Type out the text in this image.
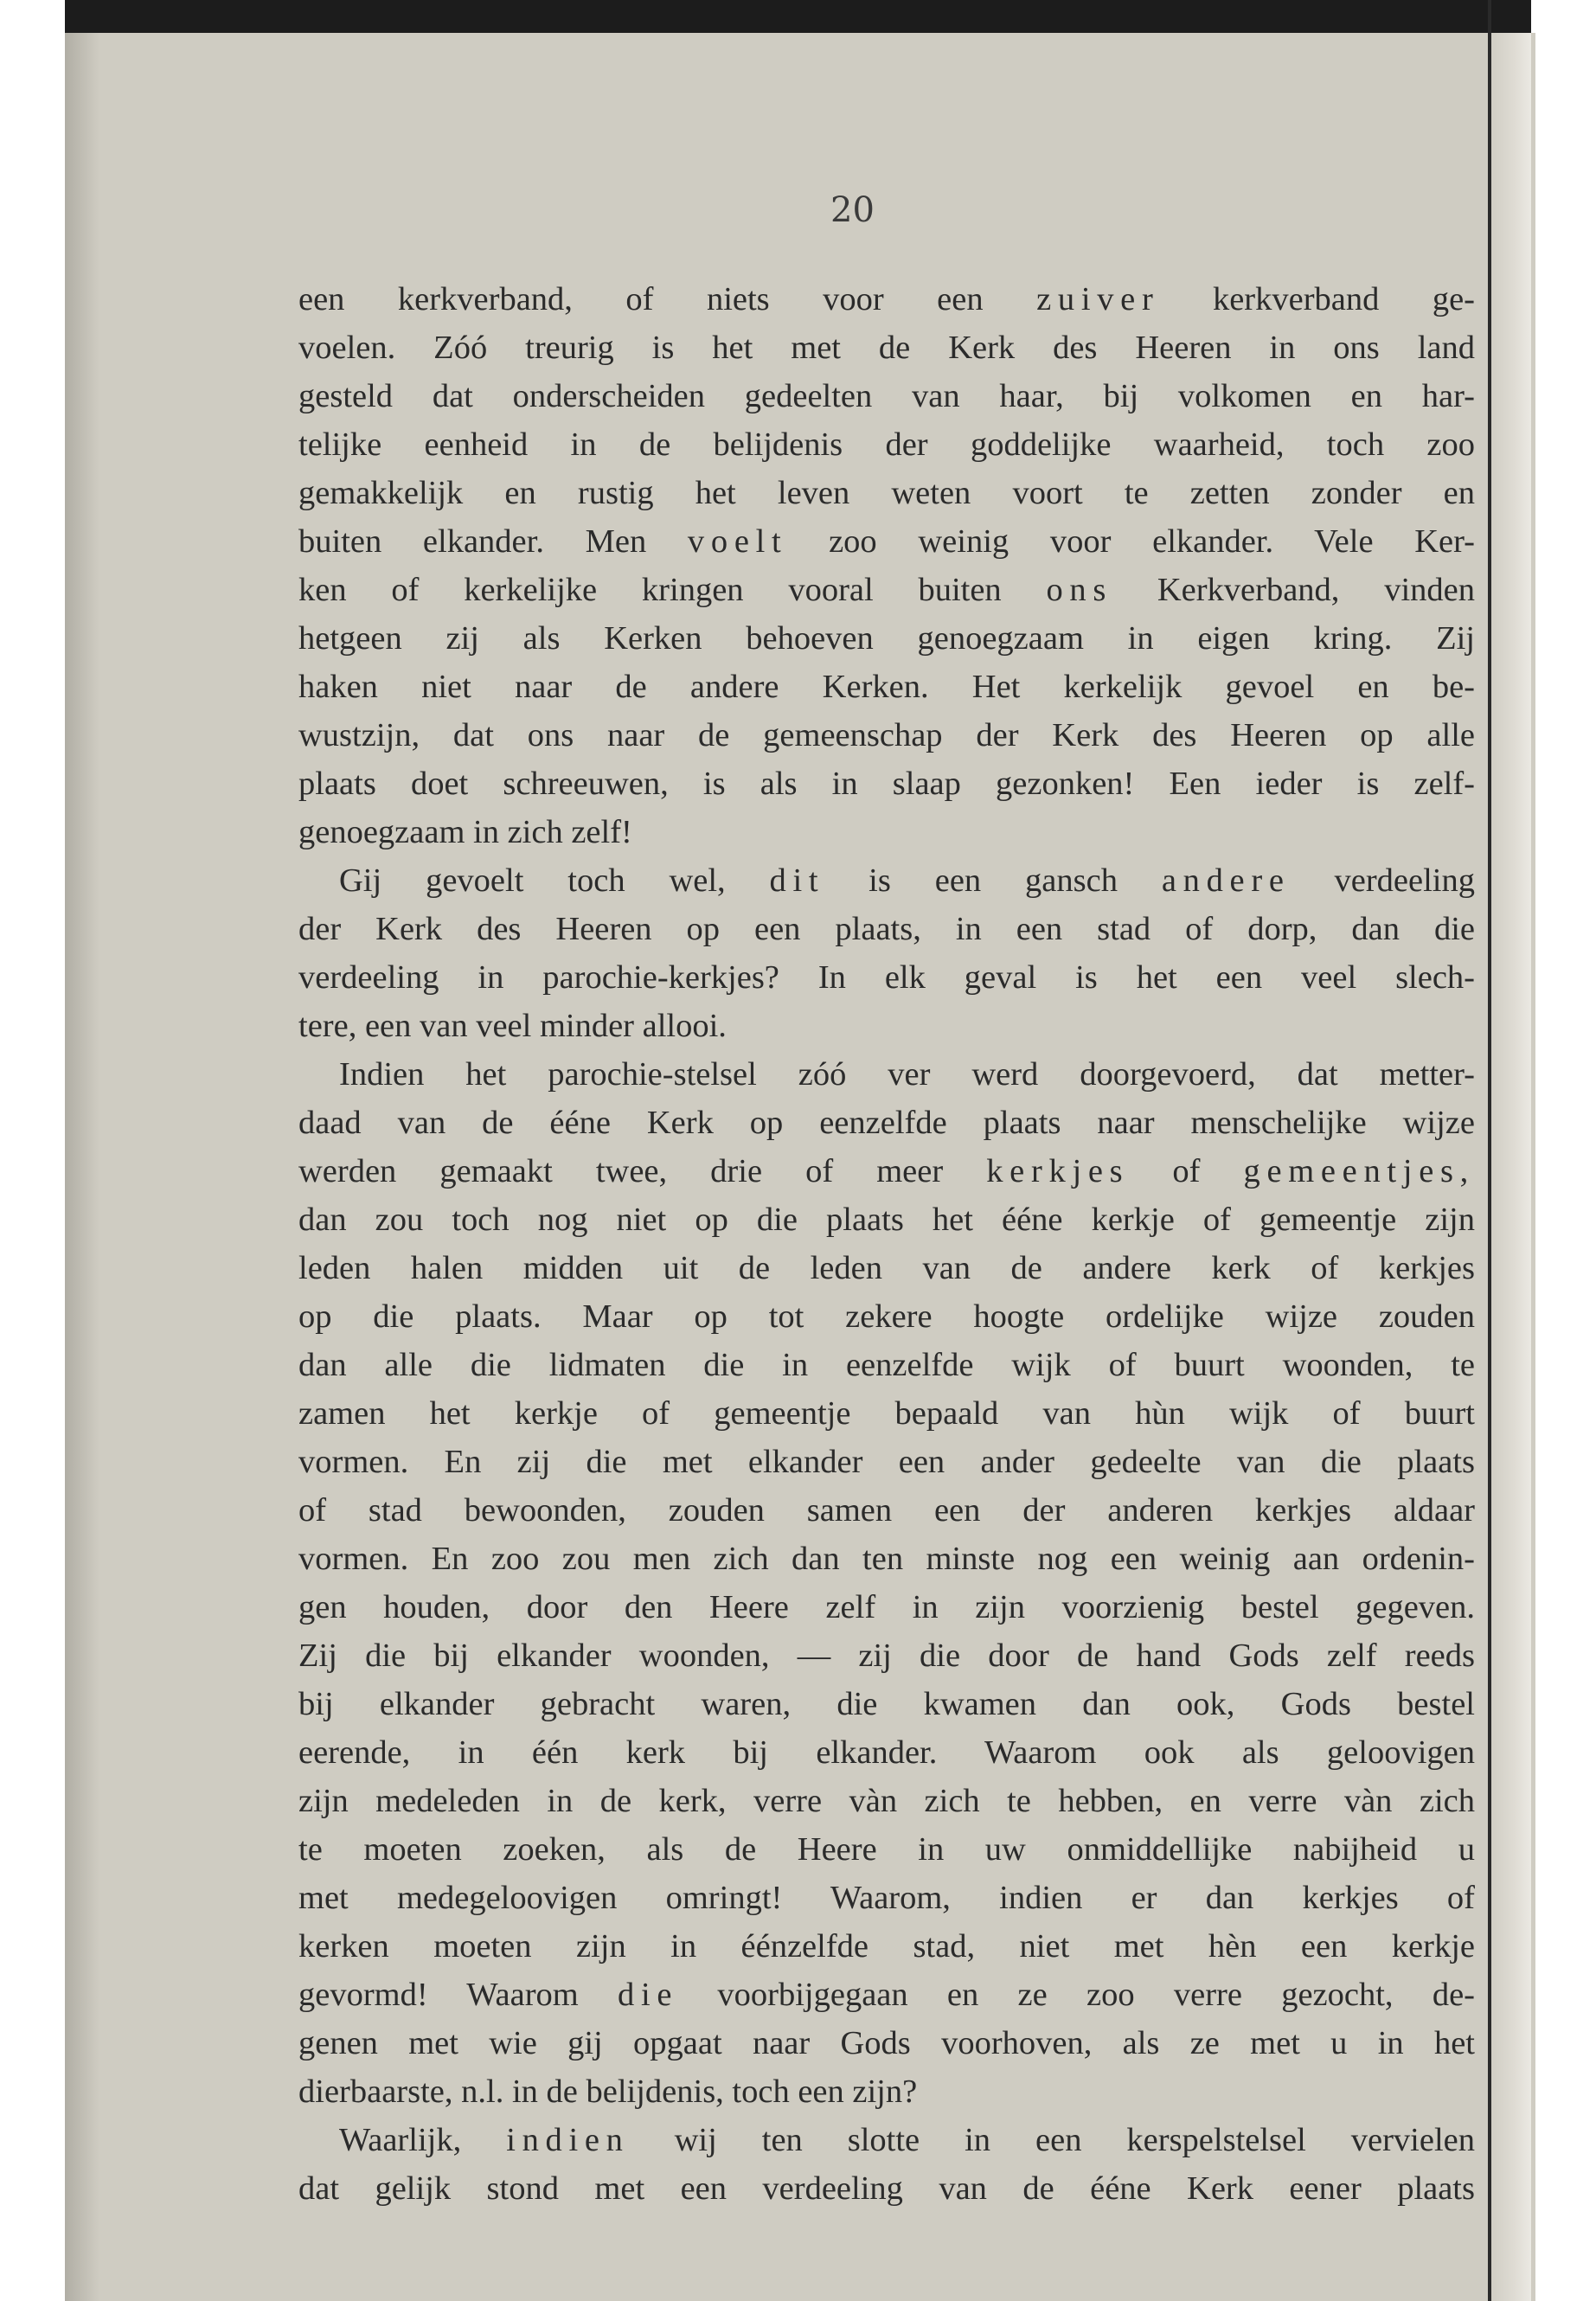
20
een kerkverband, of niets voor een zuiver kerkverband ge-
voelen. Zóó treurig is het met de Kerk des Heeren in ons land
gesteld dat onderscheiden gedeelten van haar, bij volkomen en har-
telijke eenheid in de belijdenis der goddelijke waarheid, toch zoo
gemakkelijk en rustig het leven weten voort te zetten zonder en
buiten elkander. Men voelt zoo weinig voor elkander. Vele Ker-
ken of kerkelijke kringen vooral buiten ons Kerkverband, vinden
hetgeen zij als Kerken behoeven genoegzaam in eigen kring. Zij
haken niet naar de andere Kerken. Het kerkelijk gevoel en be-
wustzijn, dat ons naar de gemeenschap der Kerk des Heeren op alle
plaats doet schreeuwen, is als in slaap gezonken! Een ieder is zelf-
genoegzaam in zich zelf!
Gij gevoelt toch wel, dit is een gansch andere verdeeling
der Kerk des Heeren op een plaats, in een stad of dorp, dan die
verdeeling in parochie-kerkjes? In elk geval is het een veel slech-
tere, een van veel minder allooi.
Indien het parochie-stelsel zóó ver werd doorgevoerd, dat metter-
daad van de ééne Kerk op eenzelfde plaats naar menschelijke wijze
werden gemaakt twee, drie of meer kerkjes of gemeentjes,
dan zou toch nog niet op die plaats het ééne kerkje of gemeentje zijn
leden halen midden uit de leden van de andere kerk of kerkjes
op die plaats. Maar op tot zekere hoogte ordelijke wijze zouden
dan alle die lidmaten die in eenzelfde wijk of buurt woonden, te
zamen het kerkje of gemeentje bepaald van hùn wijk of buurt
vormen. En zij die met elkander een ander gedeelte van die plaats
of stad bewoonden, zouden samen een der anderen kerkjes aldaar
vormen. En zoo zou men zich dan ten minste nog een weinig aan ordenin-
gen houden, door den Heere zelf in zijn voorzienig bestel gegeven.
Zij die bij elkander woonden, — zij die door de hand Gods zelf reeds
bij elkander gebracht waren, die kwamen dan ook, Gods bestel
eerende, in één kerk bij elkander. Waarom ook als geloovigen
zijn medeleden in de kerk, verre vàn zich te hebben, en verre vàn zich
te moeten zoeken, als de Heere in uw onmiddellijke nabijheid u
met medegeloovigen omringt! Waarom, indien er dan kerkjes of
kerken moeten zijn in éénzelfde stad, niet met hèn een kerkje
gevormd! Waarom die voorbijgegaan en ze zoo verre gezocht, de-
genen met wie gij opgaat naar Gods voorhoven, als ze met u in het
dierbaarste, n.l. in de belijdenis, toch een zijn?
Waarlijk, indien wij ten slotte in een kerspelstelsel vervielen
dat gelijk stond met een verdeeling van de ééne Kerk eener plaats
